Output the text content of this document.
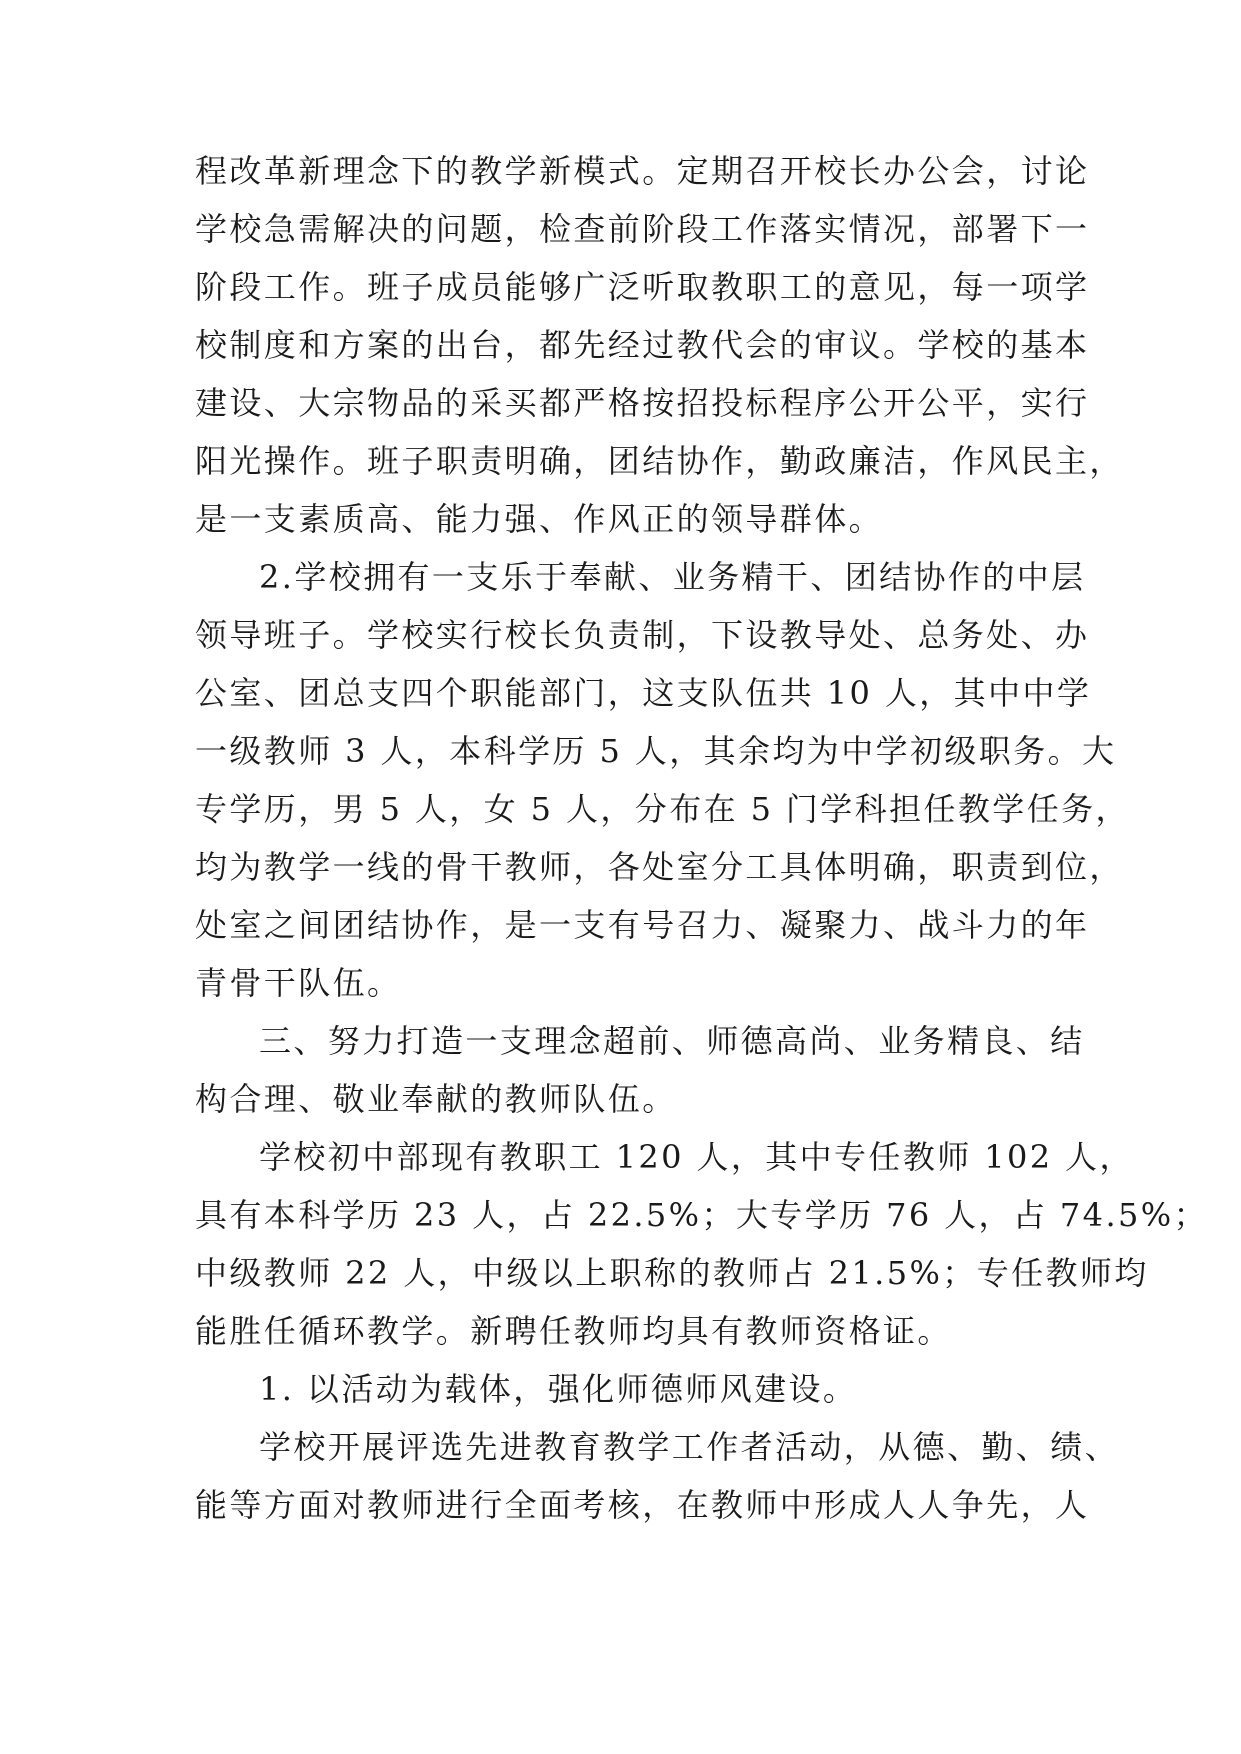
程改革新理念下的教学新模式。定期召开校长办公会，讨论
学校急需解决的问题，检查前阶段工作落实情况，部署下一
阶段工作。班子成员能够广泛听取教职工的意见，每一项学
校制度和方案的出台，都先经过教代会的审议。学校的基本
建设、大宗物品的采买都严格按招投标程序公开公平，实行
阳光操作。班子职责明确，团结协作，勤政廉洁，作风民主，
是一支素质高、能力强、作风正的领导群体。
2.学校拥有一支乐于奉献、业务精干、团结协作的中层
领导班子。学校实行校长负责制，下设教导处、总务处、办
公室、团总支四个职能部门，这支队伍共 10 人，其中中学
一级教师 3 人，本科学历 5 人，其余均为中学初级职务。大
专学历，男 5 人，女 5 人，分布在 5 门学科担任教学任务，
均为教学一线的骨干教师，各处室分工具体明确，职责到位，
处室之间团结协作，是一支有号召力、凝聚力、战斗力的年
青骨干队伍。
三、努力打造一支理念超前、师德高尚、业务精良、结
构合理、敬业奉献的教师队伍。
学校初中部现有教职工 120 人，其中专任教师 102 人，
具有本科学历 23 人，占 22.5%；大专学历 76 人，占 74.5%；
中级教师 22 人，中级以上职称的教师占 21.5%；专任教师均
能胜任循环教学。新聘任教师均具有教师资格证。
1. 以活动为载体，强化师德师风建设。
学校开展评选先进教育教学工作者活动，从德、勤、绩、
能等方面对教师进行全面考核，在教师中形成人人争先，人
